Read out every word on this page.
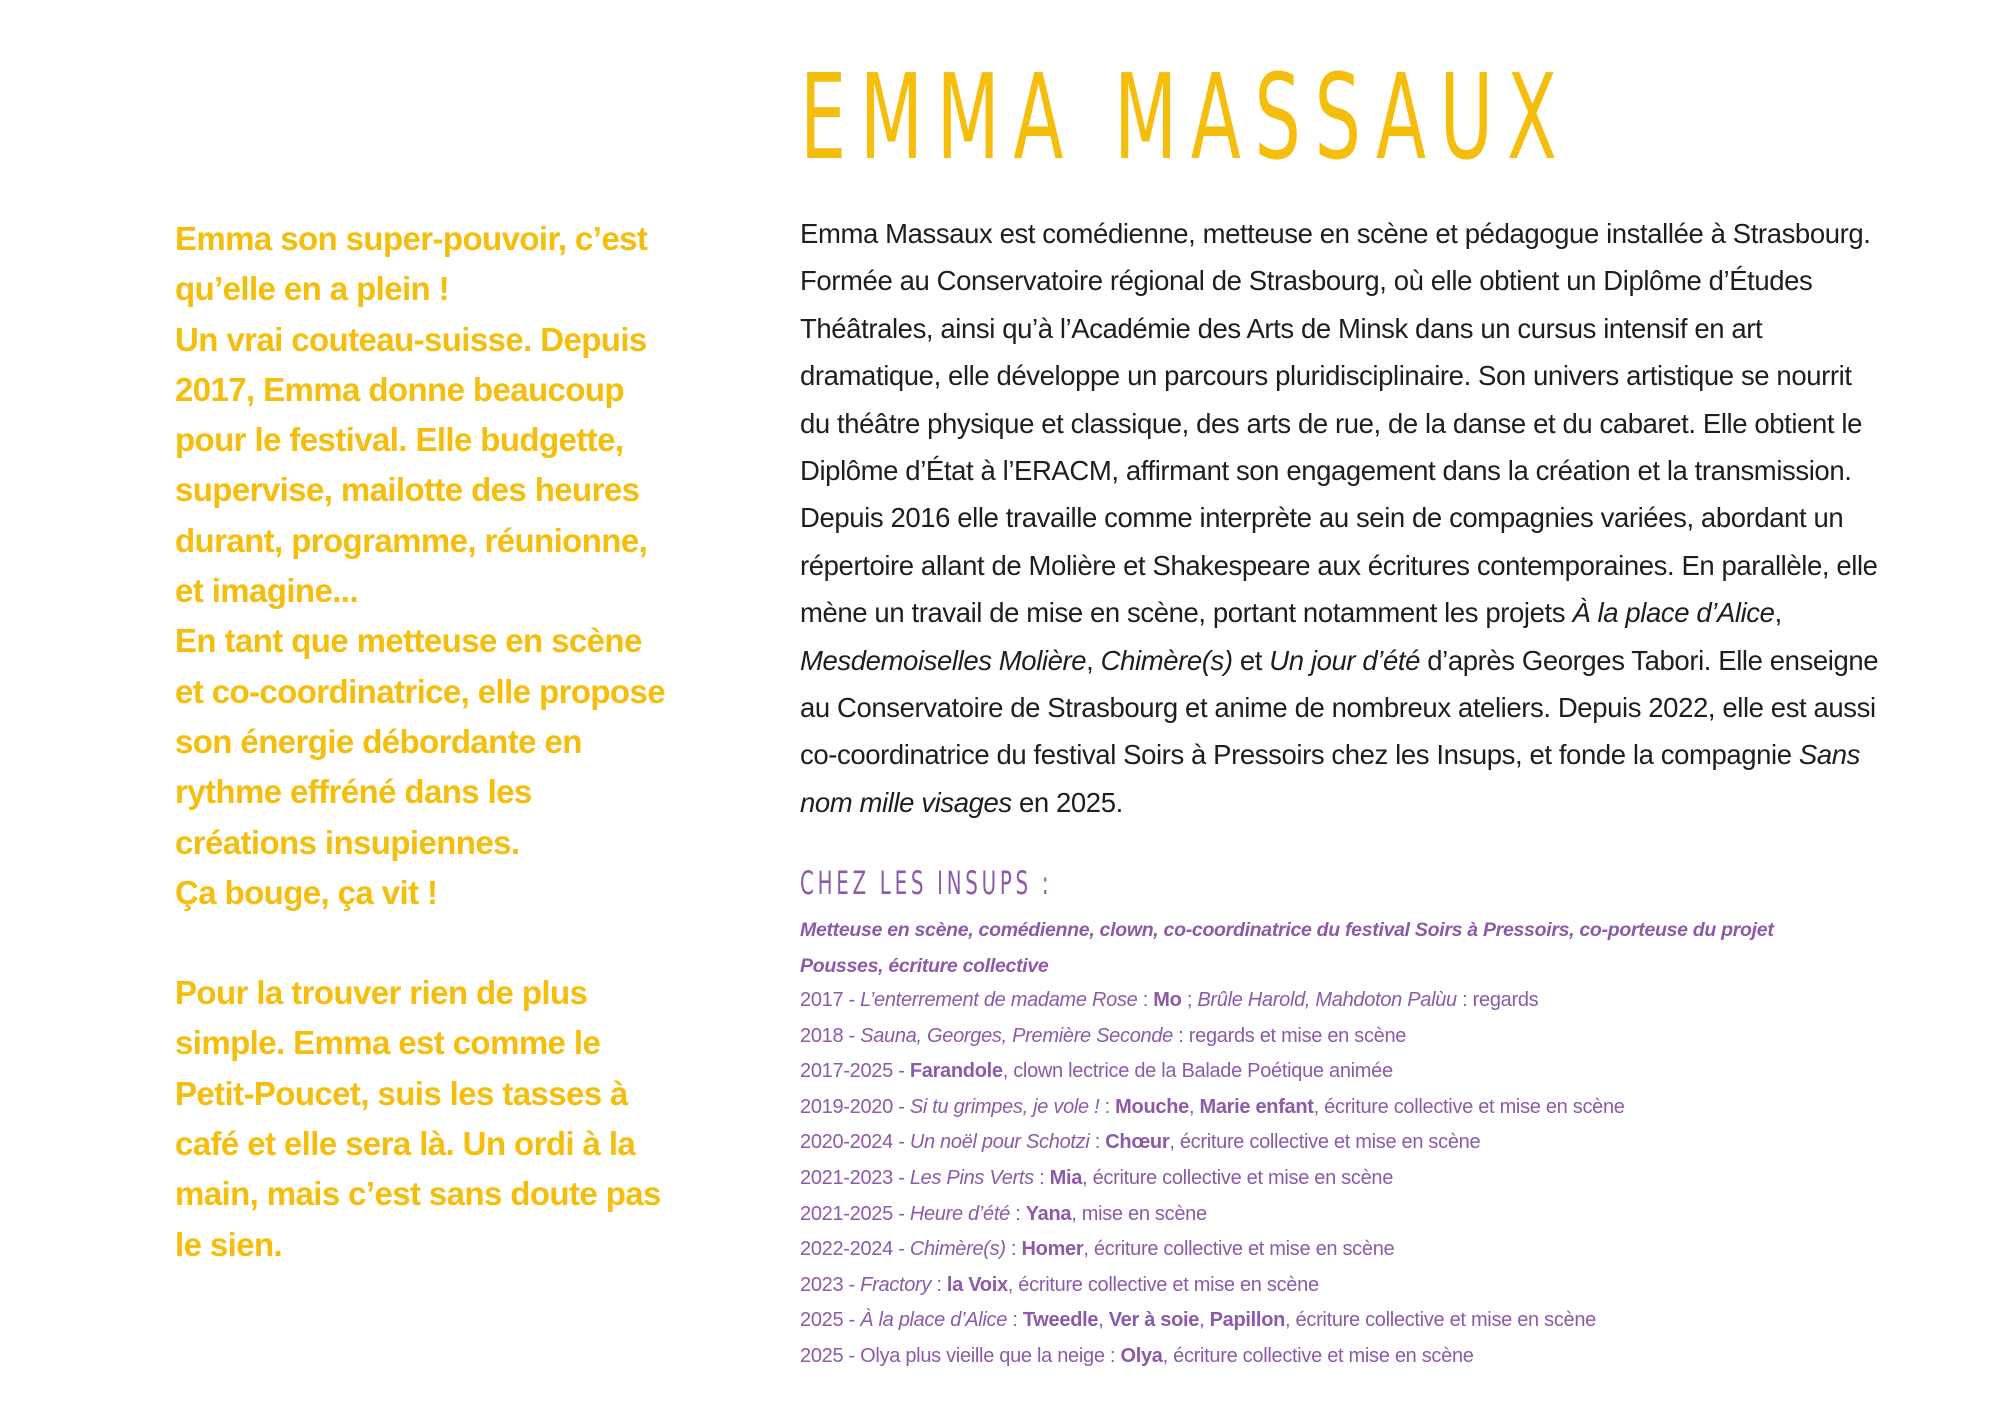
EMMA MASSAUX

Emma son super-pouvoir, c’est qu’elle en a plein !

Un vrai couteau-suisse. Depuis 2017, Emma donne beaucoup pour le festival. Elle budgette, supervise, mailotte des heures durant, programme, réunionne, et imagine...

En tant que metteuse en scène et co-coordinatrice, elle propose son énergie débordante en rythme effréné dans les créations insupiennes.

Ça bouge, ça vit !

Pour la trouver rien de plus simple. Emma est comme le Petit-Poucet, suis les tasses à café et elle sera là. Un ordi à la main, mais c’est sans doute pas le sien.

Emma Massaux est comédienne, metteuse en scène et pédagogue installée à Strasbourg. Formée au Conservatoire régional de Strasbourg, où elle obtient un Diplôme d’Études Théâtrales, ainsi qu’à l’Académie des Arts de Minsk dans un cursus intensif en art dramatique, elle développe un parcours pluridisciplinaire. Son univers artistique se nourrit du théâtre physique et classique, des arts de rue, de la danse et du cabaret. Elle obtient le Diplôme d’État à l’ERACM, affirmant son engagement dans la création et la transmission. Depuis 2016 elle travaille comme interprète au sein de compagnies variées, abordant un répertoire allant de Molière et Shakespeare aux écritures contemporaines. En parallèle, elle mène un travail de mise en scène, portant notamment les projets À la place d’Alice, Mesdemoiselles Molière, Chimère(s) et Un jour d’été d’après Georges Tabori. Elle enseigne au Conservatoire de Strasbourg et anime de nombreux ateliers. Depuis 2022, elle est aussi co-coordinatrice du festival Soirs à Pressoirs chez les Insups, et fonde la compagnie Sans nom mille visages en 2025.

CHEZ LES INSUPS :
Metteuse en scène, comédienne, clown, co-coordinatrice du festival Soirs à Pressoirs, co-porteuse du projet Pousses, écriture collective
2017 - L’enterrement de madame Rose : Mo ; Brûle Harold, Mahdoton Palùu : regards
2018 - Sauna, Georges, Première Seconde : regards et mise en scène
2017-2025 - Farandole, clown lectrice de la Balade Poétique animée
2019-2020 - Si tu grimpes, je vole ! : Mouche, Marie enfant, écriture collective et mise en scène
2020-2024 - Un noël pour Schotzi : Chœur, écriture collective et mise en scène
2021-2023 - Les Pins Verts : Mia, écriture collective et mise en scène
2021-2025 - Heure d’été : Yana, mise en scène
2022-2024 - Chimère(s) : Homer, écriture collective et mise en scène
2023 - Fractory : la Voix, écriture collective et mise en scène
2025 - À la place d’Alice : Tweedle, Ver à soie, Papillon, écriture collective et mise en scène
2025 - Olya plus vieille que la neige : Olya, écriture collective et mise en scène
